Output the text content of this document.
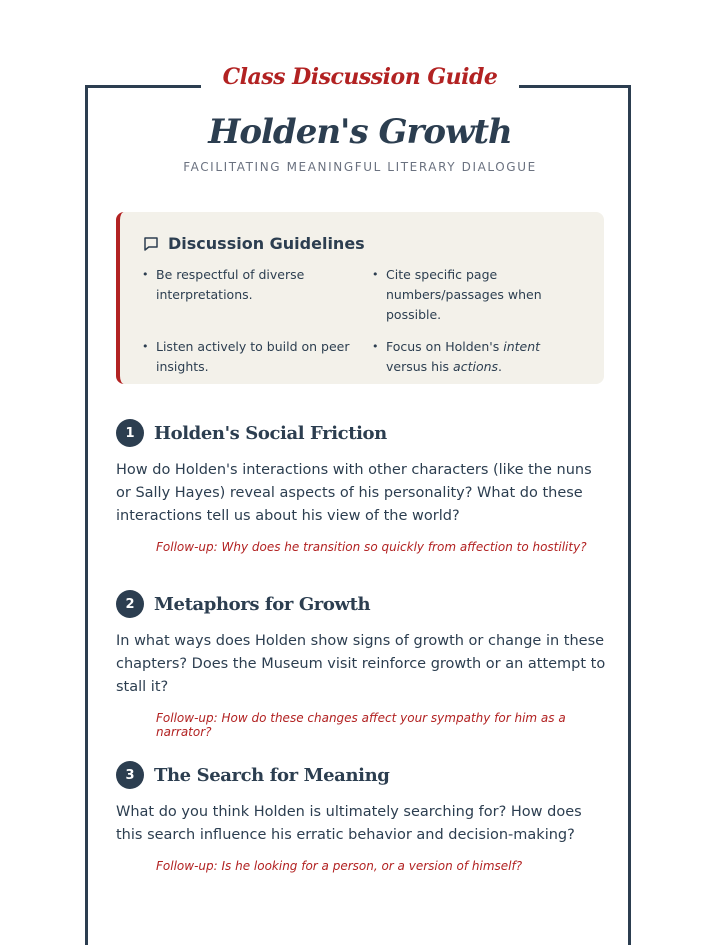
Class Discussion Guide
Holden's Growth
FACILITATING MEANINGFUL LITERARY DIALOGUE
Discussion Guidelines
• Be respectful of diverse interpretations.
• Cite specific page numbers/passages when possible.
• Listen actively to build on peer insights.
• Focus on Holden's intent versus his actions.
1	Holden's Social Friction
How do Holden's interactions with other characters (like the nuns or Sally Hayes) reveal aspects of his personality? What do these interactions tell us about his view of the world?
Follow-up: Why does he transition so quickly from affection to hostility?
2	Metaphors for Growth
In what ways does Holden show signs of growth or change in these chapters? Does the Museum visit reinforce growth or an attempt to stall it?
Follow-up: How do these changes affect your sympathy for him as a narrator?
3	The Search for Meaning
What do you think Holden is ultimately searching for? How does this search influence his erratic behavior and decision-making?
Follow-up: Is he looking for a person, or a version of himself?
